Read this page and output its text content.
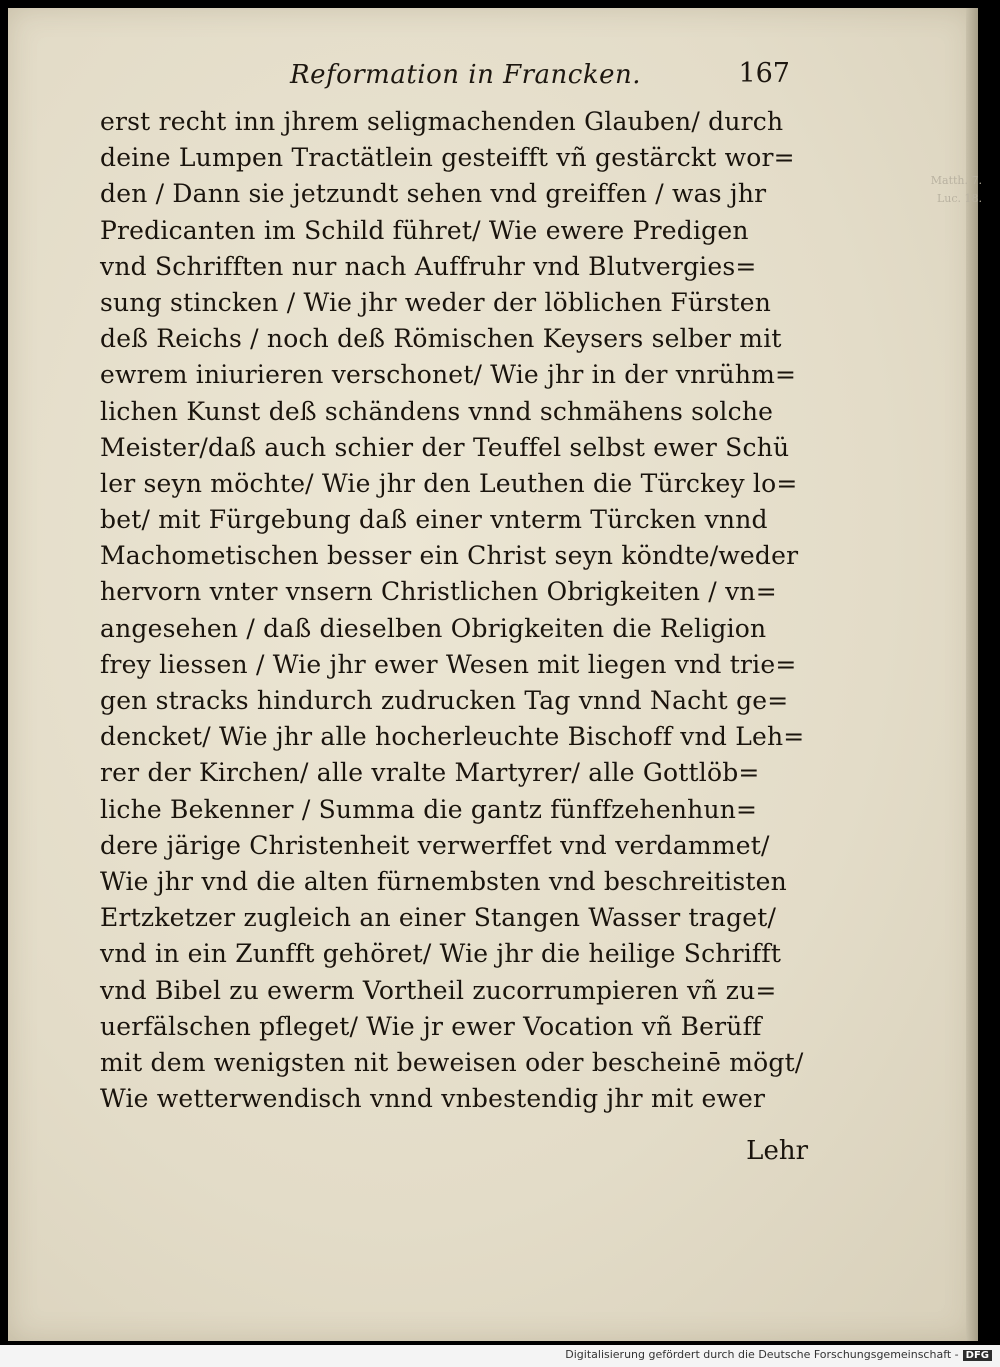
Matth. 7.
Luc. 18.
Reformation in Francken.	167
erst recht inn jhrem seligmachenden Glauben/ durch
deine Lumpen Tractätlein gesteifft vñ gestärckt wor=
den / Dann sie jetzundt sehen vnd greiffen / was jhr
Predicanten im Schild führet/ Wie ewere Predigen
vnd Schrifften nur nach Auffruhr vnd Blutvergies=
sung stincken / Wie jhr weder der löblichen Fürsten
deß Reichs / noch deß Römischen Keysers selber mit
ewrem iniurieren verschonet/ Wie jhr in der vnrühm=
lichen Kunst deß schändens vnnd schmähens solche
Meister/daß auch schier der Teuffel selbst ewer Schü
ler seyn möchte/ Wie jhr den Leuthen die Türckey lo=
bet/ mit Fürgebung daß einer vnterm Türcken vnnd
Machometischen besser ein Christ seyn köndte/weder
hervorn vnter vnsern Christlichen Obrigkeiten / vn=
angesehen / daß dieselben Obrigkeiten die Religion
frey liessen / Wie jhr ewer Wesen mit liegen vnd trie=
gen stracks hindurch zudrucken Tag vnnd Nacht ge=
dencket/ Wie jhr alle hocherleuchte Bischoff vnd Leh=
rer der Kirchen/ alle vralte Martyrer/ alle Gottlöb=
liche Bekenner / Summa die gantz fünffzehenhun=
dere järige Christenheit verwerffet vnd verdammet/
Wie jhr vnd die alten fürnembsten vnd beschreitisten
Ertzketzer zugleich an einer Stangen Wasser traget/
vnd in ein Zunfft gehöret/ Wie jhr die heilige Schrifft
vnd Bibel zu ewerm Vortheil zucorrumpieren vñ zu=
uerfälschen pfleget/ Wie jr ewer Vocation vñ Berüff
mit dem wenigsten nit beweisen oder bescheinē mögt/
Wie wetterwendisch vnnd vnbestendig jhr mit ewer
Lehr
Digitalisierung gefördert durch die Deutsche Forschungsgemeinschaft - DFG
